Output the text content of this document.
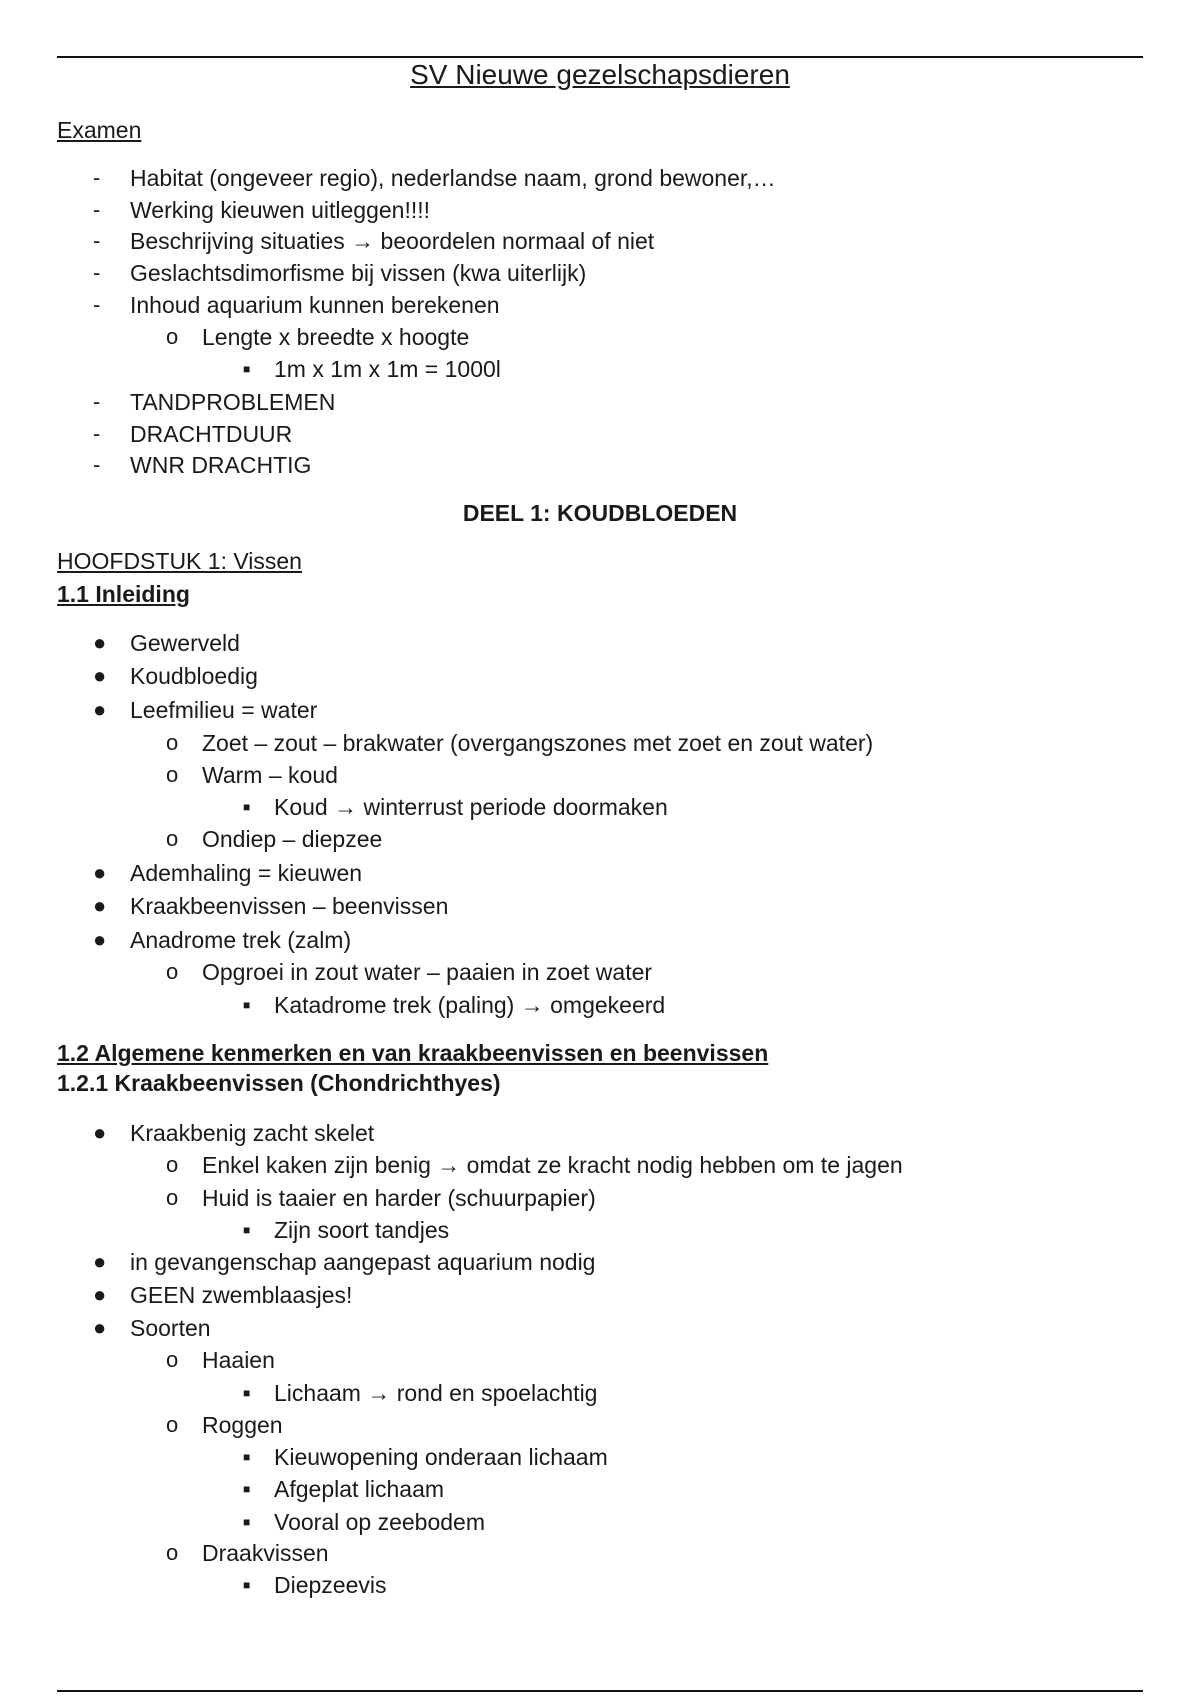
SV Nieuwe gezelschapsdieren
Examen
- Habitat (ongeveer regio), nederlandse naam, grond bewoner,…
- Werking kieuwen uitleggen!!!!
- Beschrijving situaties → beoordelen normaal of niet
- Geslachtsdimorfisme bij vissen (kwa uiterlijk)
- Inhoud aquarium kunnen berekenen
o Lengte x breedte x hoogte
■ 1m x 1m x 1m = 1000l
- TANDPROBLEMEN
- DRACHTDUUR
- WNR DRACHTIG
DEEL 1: KOUDBLOEDEN
HOOFDSTUK 1: Vissen
1.1 Inleiding
● Gewerveld
● Koudbloedig
● Leefmilieu = water
o Zoet – zout – brakwater (overgangszones met zoet en zout water)
o Warm – koud
■ Koud → winterrust periode doormaken
o Ondiep – diepzee
● Ademhaling = kieuwen
● Kraakbeenvissen – beenvissen
● Anadrome trek (zalm)
o Opgroei in zout water – paaien in zoet water
■ Katadrome trek (paling) → omgekeerd
1.2 Algemene kenmerken en van kraakbeenvissen en beenvissen
1.2.1 Kraakbeenvissen (Chondrichthyes)
● Kraakbenig zacht skelet
o Enkel kaken zijn benig → omdat ze kracht nodig hebben om te jagen
o Huid is taaier en harder (schuurpapier)
■ Zijn soort tandjes
● in gevangenschap aangepast aquarium nodig
● GEEN zwemblaasjes!
● Soorten
o Haaien
■ Lichaam → rond en spoelachtig
o Roggen
■ Kieuwopening onderaan lichaam
■ Afgeplat lichaam
■ Vooral op zeebodem
o Draakvissen
■ Diepzeevis
